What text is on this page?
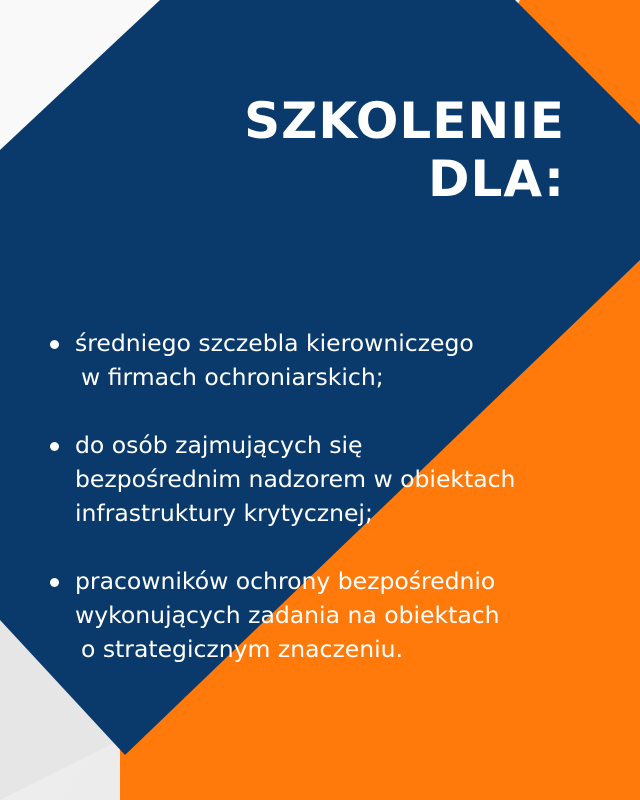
SZKOLENIE
DLA:
średniego szczebla kierowniczego
w firmach ochroniarskich;
do osób zajmujących się
bezpośrednim nadzorem w obiektach
infrastruktury krytycznej;
pracowników ochrony bezpośrednio
wykonujących zadania na obiektach
o strategicznym znaczeniu.
